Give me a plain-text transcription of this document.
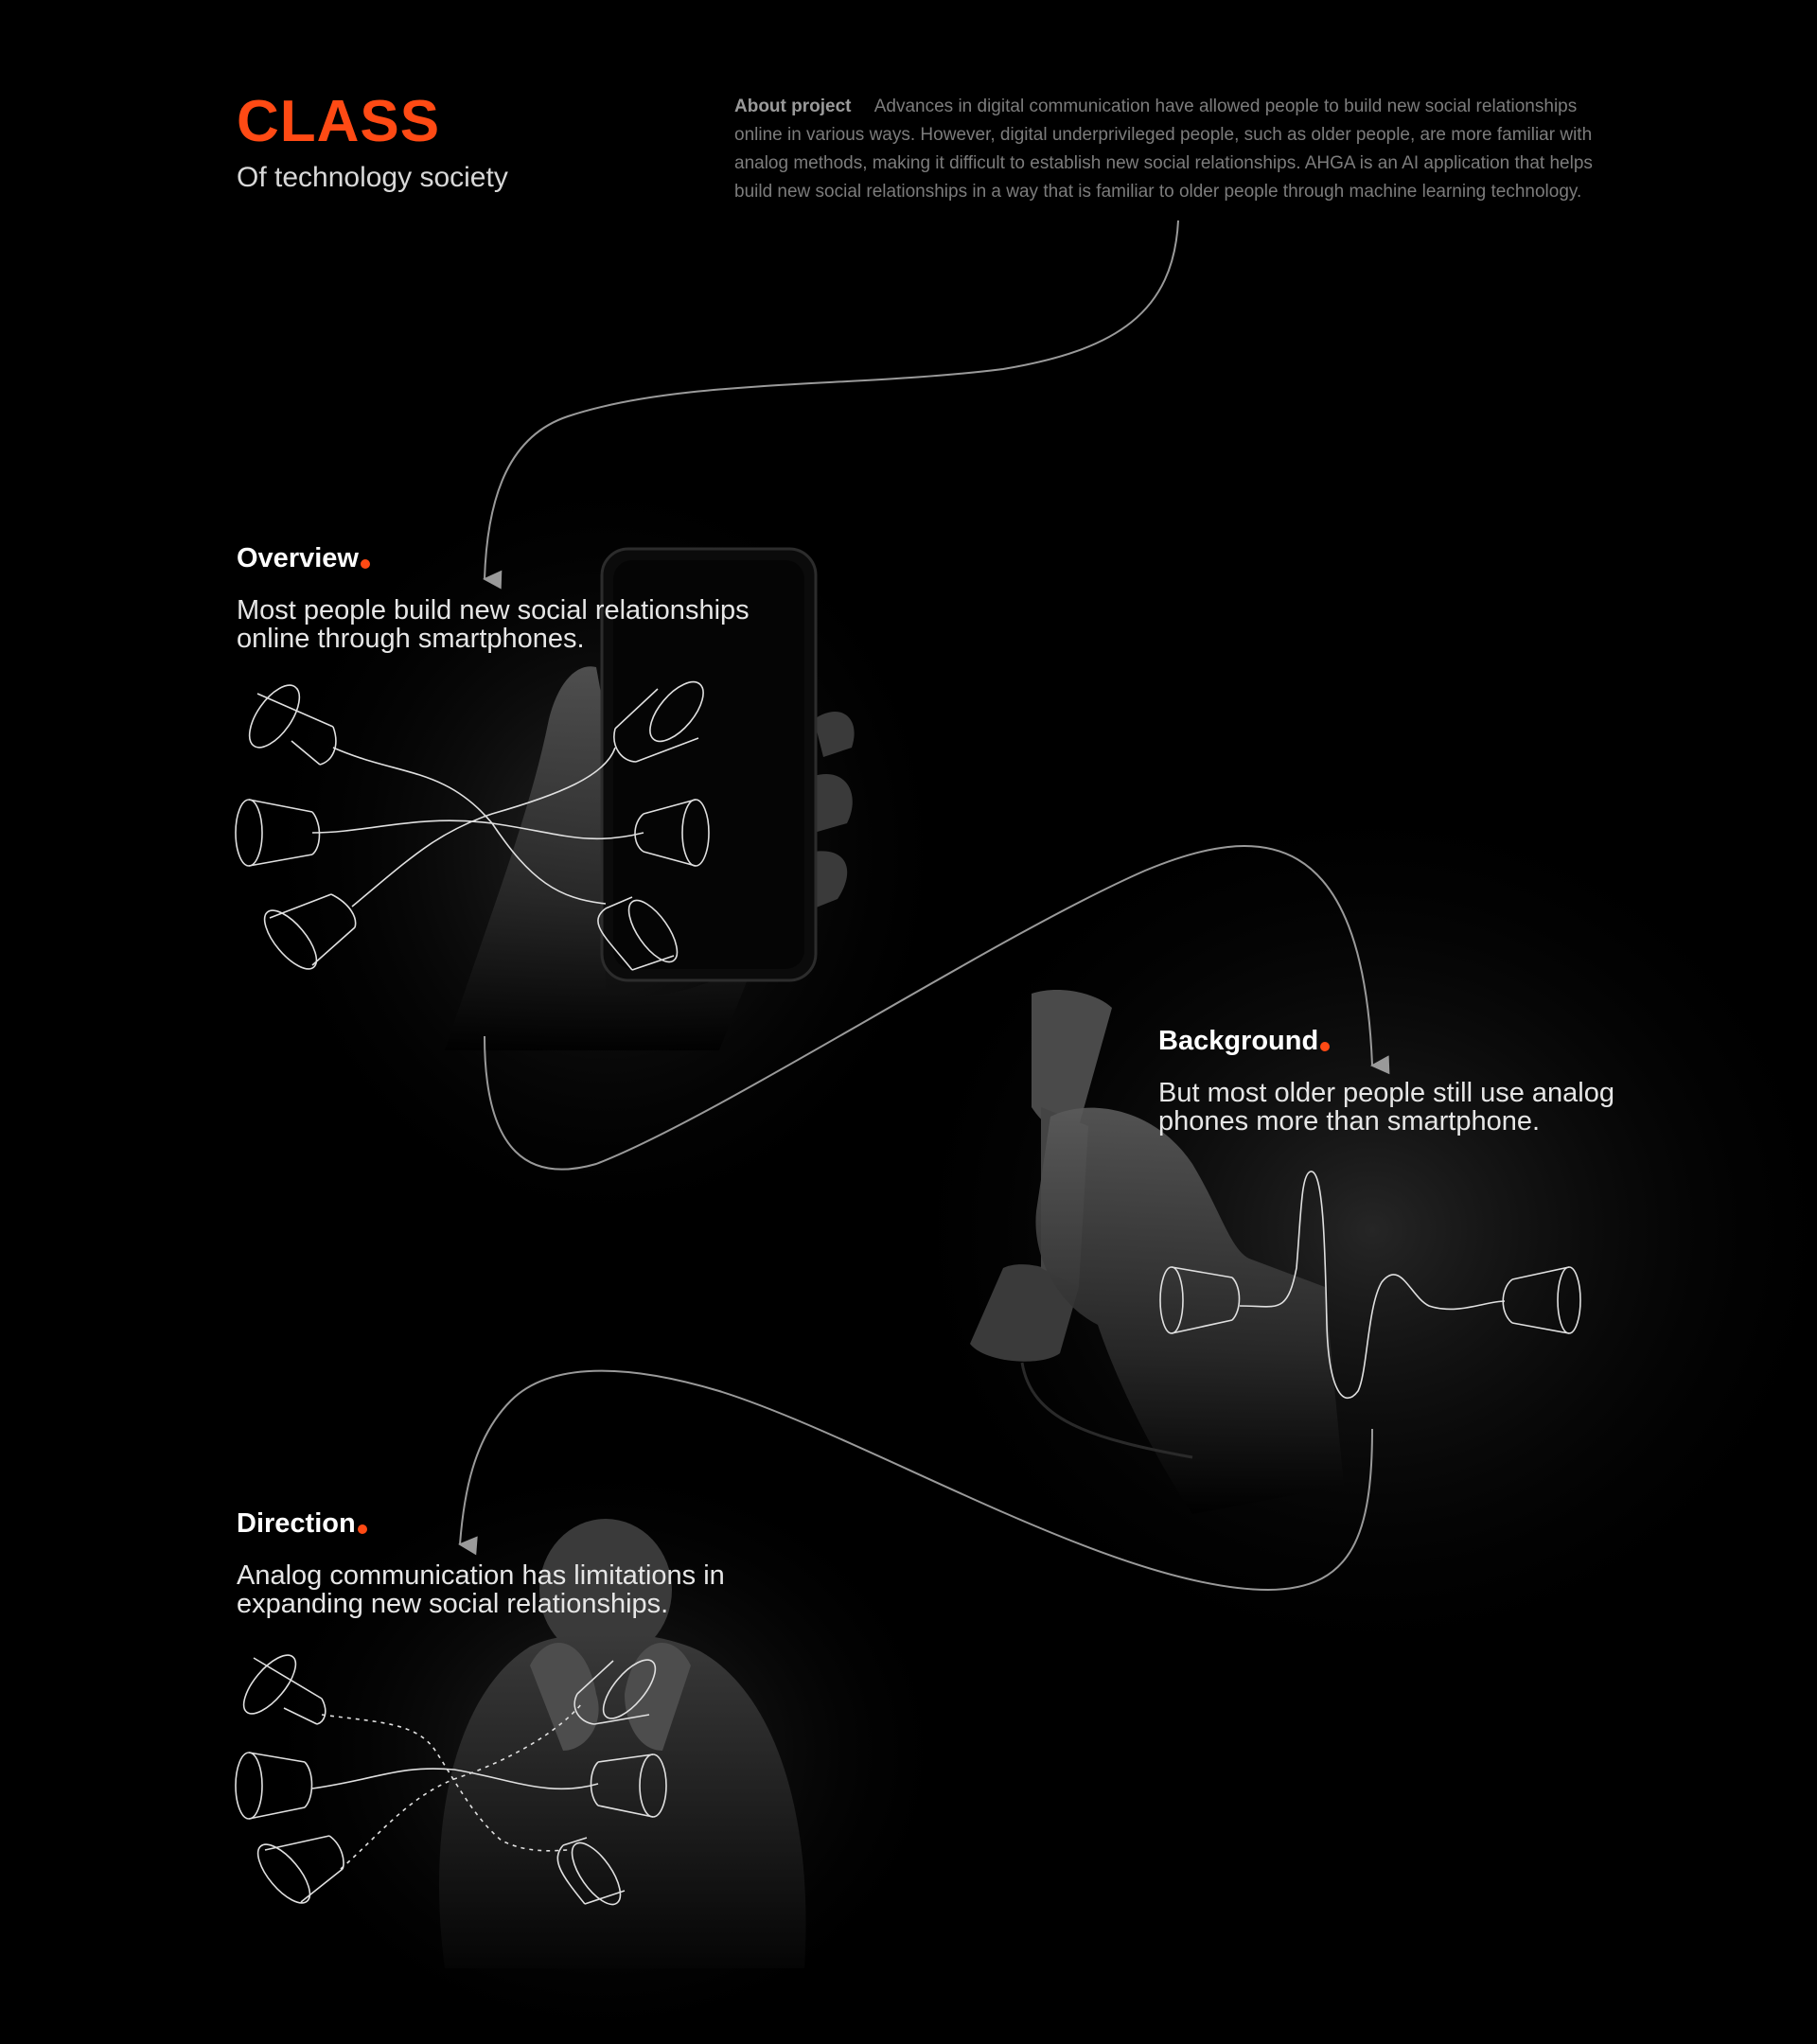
CLASS
Of technology society
About project Advances in digital communication have allowed people to build new social relationships online in various ways. However, digital underprivileged people, such as older people, are more familiar with analog methods, making it difficult to establish new social relationships. AHGA is an AI application that helps build new social relationships in a way that is familiar to older people through machine learning technology.
Overview
Most people build new social relationships online through smartphones.
Background
But most older people still use analog phones more than smartphone.
Direction
Analog communication has limitations in expanding new social relationships.
